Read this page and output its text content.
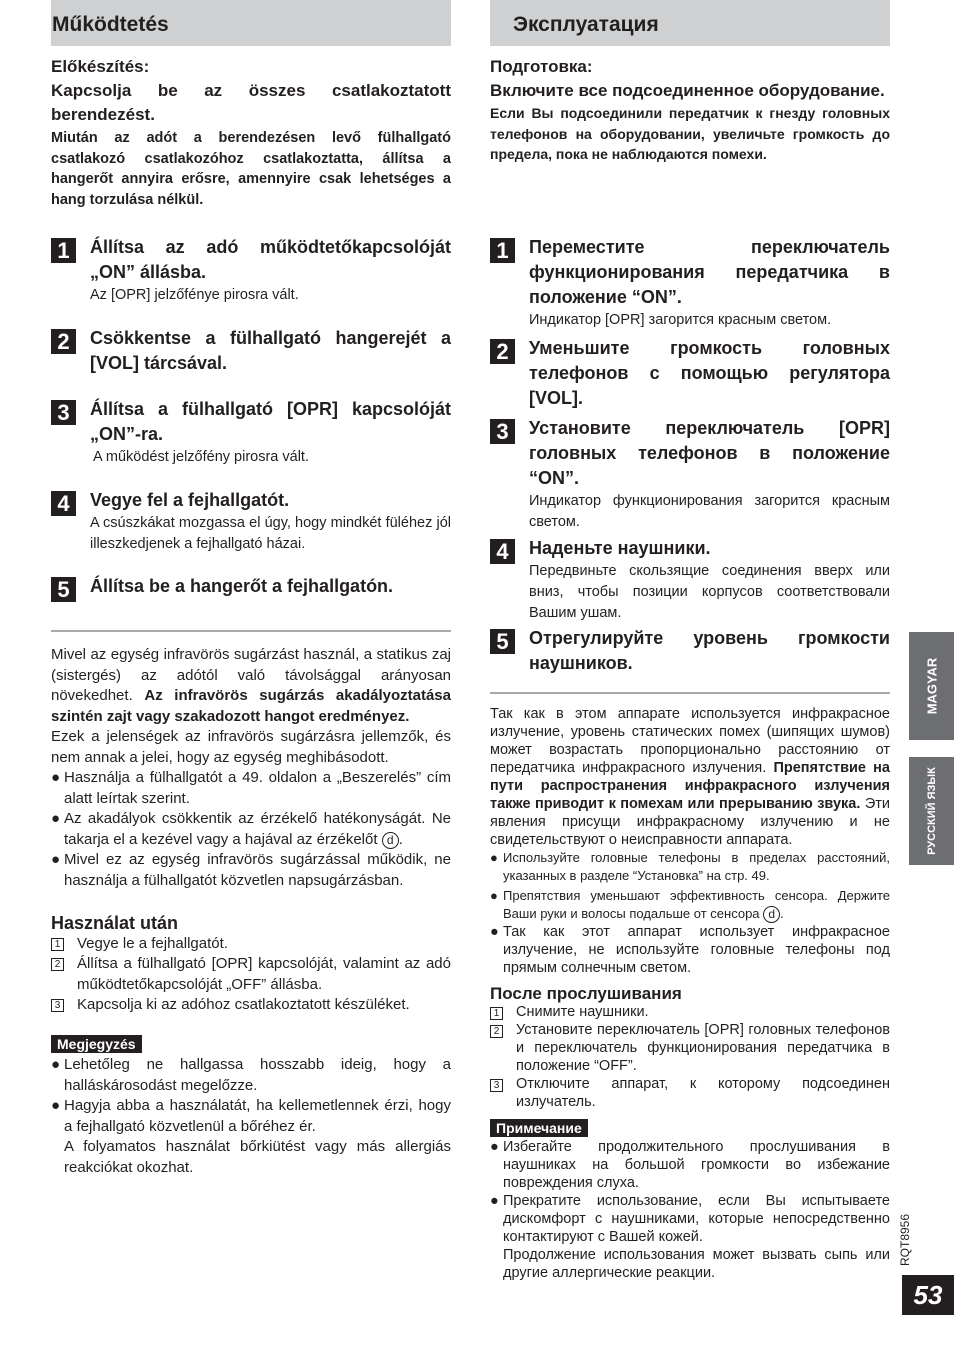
Működtetés

Előkészítés:

Kapcsolja be az összes csatlakoztatott berendezést.

Miután az adót a berendezésen levő fülhallgató csatlakozó csatlakozóhoz csatlakoztatta, állítsa a hangerőt annyira erősre, amennyire csak lehetséges a hang torzulása nélkül.

1	Állítsa az adó működtetőkapcsolóját „ON” állásba.

Az [OPR] jelzőfénye pirosra vált.

2	Csökkentse a fülhallgató hangerejét a [VOL] tárcsával.

3	Állítsa a fülhallgató [OPR] kapcsolóját „ON”-ra.

A működést jelzőfény pirosra vált.

4	Vegye fel a fejhallgatót.

A csúszkákat mozgassa el úgy, hogy mindkét füléhez jól illeszkedjenek a fejhallgató házai.

5	Állítsa be a hangerőt a fejhallgatón.

Mivel az egység infravörös sugárzást használ, a statikus zaj (sistergés) az adótól való távolsággal arányosan növekedhet. Az infravörös sugárzás akadályoztatása szintén zajt vagy szakadozott hangot eredményez.

Ezek a jelenségek az infravörös sugárzásra jellemzők, és nem annak a jelei, hogy az egység meghibásodott.

● Használja a fülhallgatót a 49. oldalon a „Beszerelés” cím alatt leírtak szerint.
● Az akadályok csökkentik az érzékelő hatékonyságát. Ne takarja el a kezével vagy a hajával az érzékelőt d .
● Mivel ez az egység infravörös sugárzással működik, ne használja a fülhallgatót közvetlen napsugárzásban.
Használat után
1 Vegye le a fejhallgatót.
2 Állítsa a fülhallgató [OPR] kapcsolóját, valamint az adó működtetőkapcsolóját „OFF” állásba.
3 Kapcsolja ki az adóhoz csatlakoztatott készüléket.
Megjegyzés
● Lehetőleg ne hallgassa hosszabb ideig, hogy a halláskárosodást megelőzze.
● Hagyja abba a használatát, ha kellemetlennek érzi, hogy a fejhallgató közvetlenül a bőréhez ér.

A folyamatos használat bőrkiütést vagy más allergiás reakciókat okozhat.

Эксплуатация

Подготовка:

Включите все подсоединенное оборудование.

Если Вы подсоединили передатчик к гнезду головных телефонов на оборудовании, увеличьте громкость до предела, пока не наблюдаются помехи.

1	Переместите переключатель функционирования передатчика в положение “ON”.

Индикатор [OPR] загорится красным светом.

2	Уменьшите громкость головных телефонов с помощью регулятора [VOL].

3	Установите переключатель [OPR] головных телефонов в положение “ON”.

Индикатор функционирования загорится красным светом.

4	Наденьте наушники.

Передвиньте скользящие соединения вверх или вниз, чтобы позиции корпусов соответствовали Вашим ушам.

5	Отрегулируйте уровень громкости наушников.

Так как в этом аппарате используется инфракрасное излучение, уровень статических помех (шипящих шумов) может возрастать пропорционально расстоянию от передатчика инфракрасного излучения. Препятствие на пути распространения инфракрасного излучения также приводит к помехам или прерыванию звука. Эти явления присущи инфракрасному излучению и не свидетельствуют о неисправности аппарата.

● Используйте головные телефоны в пределах расстояний, указанных в разделе “Установка” на стр. 49.
● Препятствия уменьшают эффективность сенсора. Держите Ваши руки и волосы подальше от сенсора d .
● Так как этот аппарат использует инфракрасное излучение, не используйте головные телефоны под прямым солнечным светом.
После прослушивания
1 Снимите наушники.
2 Установите переключатель [OPR] головных телефонов и переключатель функционирования передатчика в положение “OFF”.
3 Отключите аппарат, к которому подсоединен излучатель.
Примечание
● Избегайте продолжительного прослушивания в наушниках на большой громкости во избежание повреждения слуха.
● Прекратите использование, если Вы испытываете дискомфорт с наушниками, которые непосредственно контактируют с Вашей кожей.

Продолжение использования может вызвать сыпь или другие аллергические реакции.

MAGYAR
РУССКИЙ ЯЗЫК
RQT8956
53
